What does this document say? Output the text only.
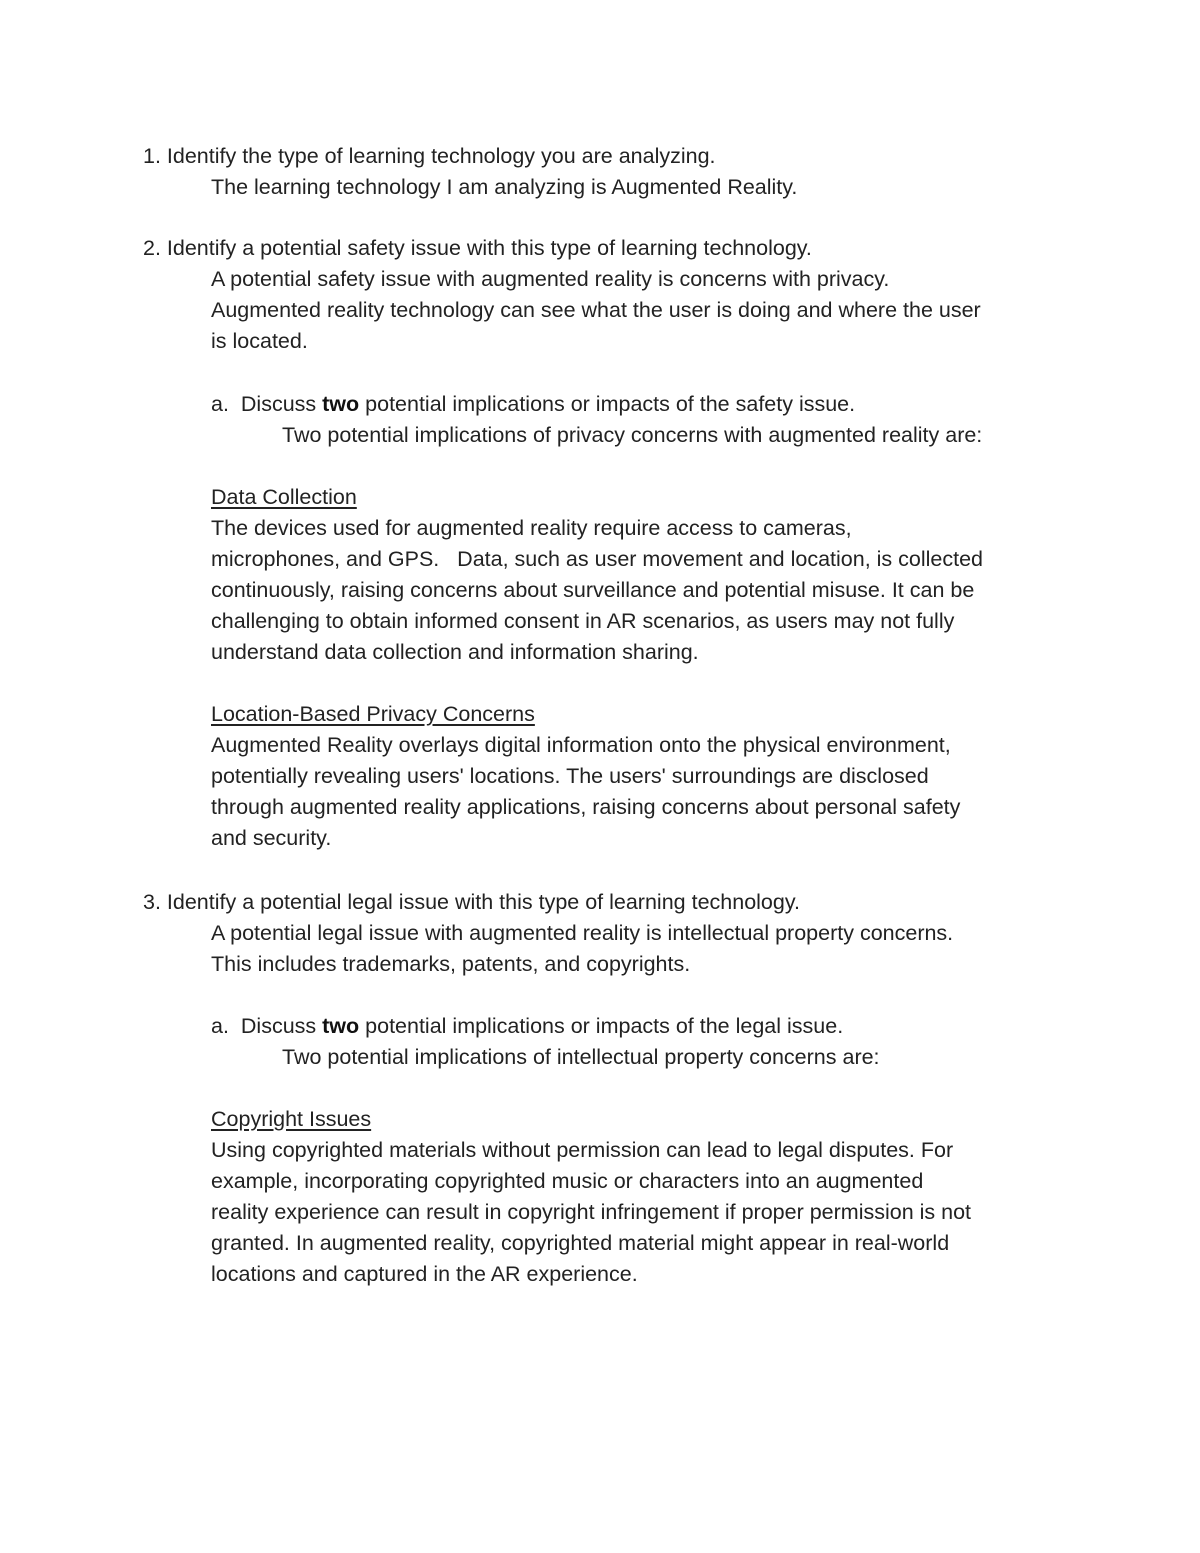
1. Identify the type of learning technology you are analyzing.
The learning technology I am analyzing is Augmented Reality.
2. Identify a potential safety issue with this type of learning technology.
A potential safety issue with augmented reality is concerns with privacy.
Augmented reality technology can see what the user is doing and where the user
is located.
a. Discuss two potential implications or impacts of the safety issue.
Two potential implications of privacy concerns with augmented reality are:
Data Collection
The devices used for augmented reality require access to cameras,
microphones, and GPS.   Data, such as user movement and location, is collected
continuously, raising concerns about surveillance and potential misuse. It can be
challenging to obtain informed consent in AR scenarios, as users may not fully
understand data collection and information sharing.
Location-Based Privacy Concerns
Augmented Reality overlays digital information onto the physical environment,
potentially revealing users' locations. The users' surroundings are disclosed
through augmented reality applications, raising concerns about personal safety
and security.
3. Identify a potential legal issue with this type of learning technology.
A potential legal issue with augmented reality is intellectual property concerns.
This includes trademarks, patents, and copyrights.
a. Discuss two potential implications or impacts of the legal issue.
Two potential implications of intellectual property concerns are:
Copyright Issues
Using copyrighted materials without permission can lead to legal disputes. For
example, incorporating copyrighted music or characters into an augmented
reality experience can result in copyright infringement if proper permission is not
granted. In augmented reality, copyrighted material might appear in real-world
locations and captured in the AR experience.
